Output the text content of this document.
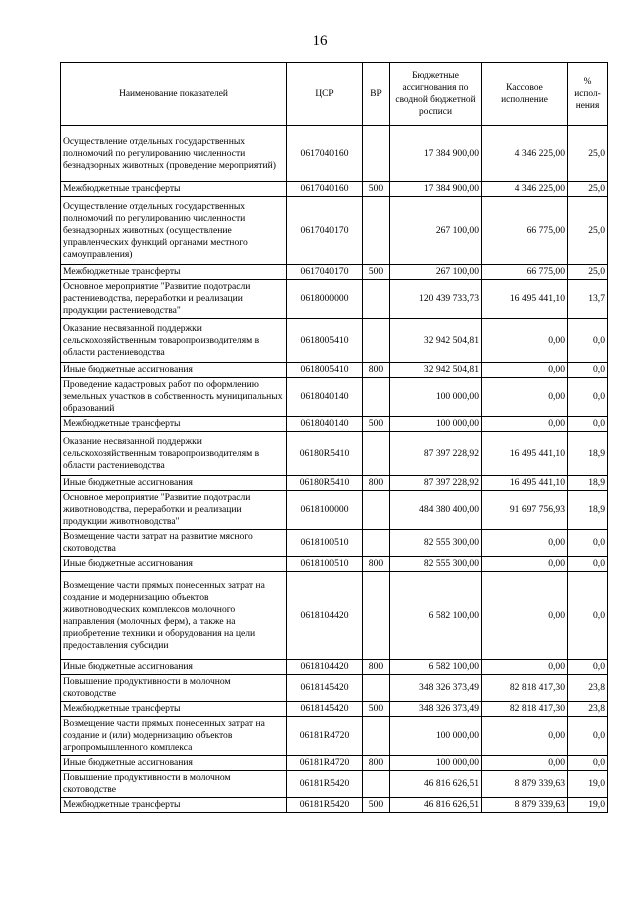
16
Наименование показателей	ЦСР	ВР	Бюджетные ассигнования по сводной бюджетной росписи	Кассовое исполнение	% испол-нения
Осуществление отдельных государственных полномочий по регулированию численности безнадзорных животных (проведение мероприятий)	0617040160		17 384 900,00	4 346 225,00	25,0
Межбюджетные трансферты	0617040160	500	17 384 900,00	4 346 225,00	25,0
Осуществление отдельных государственных полномочий по регулированию численности безнадзорных животных (осуществление управленческих функций органами местного самоуправления)	0617040170		267 100,00	66 775,00	25,0
Межбюджетные трансферты	0617040170	500	267 100,00	66 775,00	25,0
Основное мероприятие "Развитие подотрасли растениеводства, переработки и реализации продукции растениеводства"	0618000000		120 439 733,73	16 495 441,10	13,7
Оказание несвязанной поддержки сельскохозяйственным товаропроизводителям в области растениеводства	0618005410		32 942 504,81	0,00	0,0
Иные бюджетные ассигнования	0618005410	800	32 942 504,81	0,00	0,0
Проведение кадастровых работ по оформлению земельных участков в собственность муниципальных образований	0618040140		100 000,00	0,00	0,0
Межбюджетные трансферты	0618040140	500	100 000,00	0,00	0,0
Оказание несвязанной поддержки сельскохозяйственным товаропроизводителям в области растениеводства	06180R5410		87 397 228,92	16 495 441,10	18,9
Иные бюджетные ассигнования	06180R5410	800	87 397 228,92	16 495 441,10	18,9
Основное мероприятие "Развитие подотрасли животноводства, переработки и реализации продукции животноводства"	0618100000		484 380 400,00	91 697 756,93	18,9
Возмещение части затрат на развитие мясного скотоводства	0618100510		82 555 300,00	0,00	0,0
Иные бюджетные ассигнования	0618100510	800	82 555 300,00	0,00	0,0
Возмещение части прямых понесенных затрат на создание и модернизацию объектов животноводческих комплексов молочного направления (молочных ферм), а также на приобретение техники и оборудования на цели предоставления субсидии	0618104420		6 582 100,00	0,00	0,0
Иные бюджетные ассигнования	0618104420	800	6 582 100,00	0,00	0,0
Повышение продуктивности в молочном скотоводстве	0618145420		348 326 373,49	82 818 417,30	23,8
Межбюджетные трансферты	0618145420	500	348 326 373,49	82 818 417,30	23,8
Возмещение части прямых понесенных затрат на создание и (или) модернизацию объектов агропромышленного комплекса	06181R4720		100 000,00	0,00	0,0
Иные бюджетные ассигнования	06181R4720	800	100 000,00	0,00	0,0
Повышение продуктивности в молочном скотоводстве	06181R5420		46 816 626,51	8 879 339,63	19,0
Межбюджетные трансферты	06181R5420	500	46 816 626,51	8 879 339,63	19,0
